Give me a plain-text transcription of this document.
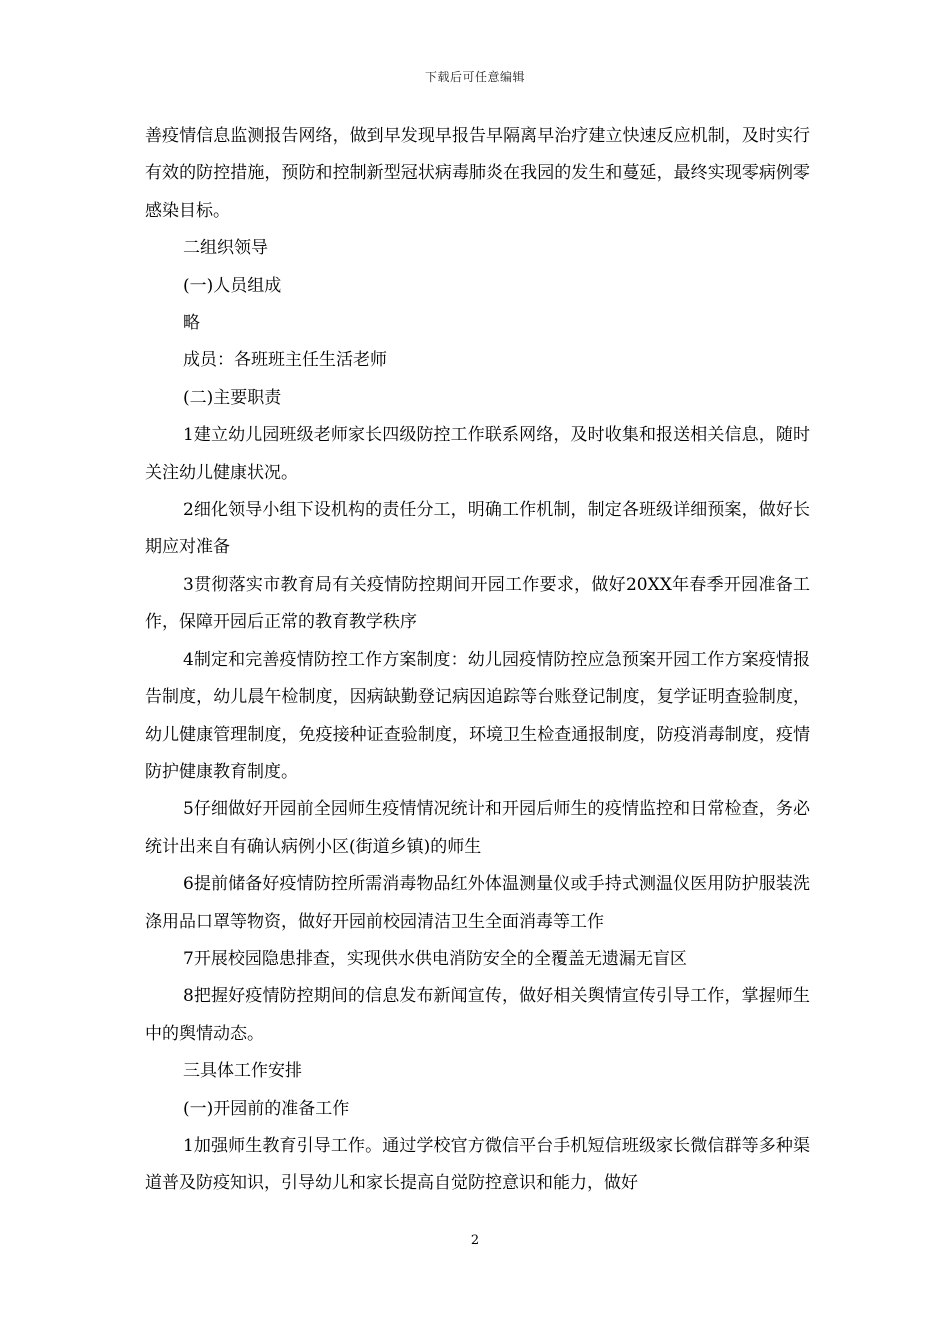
下载后可任意编辑

善疫情信息监测报告网络，做到早发现早报告早隔离早治疗建立快速反应机制，及时实行有效的防控措施，预防和控制新型冠状病毒肺炎在我园的发生和蔓延，最终实现零病例零感染目标。

二组织领导

(一)人员组成

略

成员：各班班主任生活老师

(二)主要职责

1建立幼儿园班级老师家长四级防控工作联系网络，及时收集和报送相关信息，随时关注幼儿健康状况。

2细化领导小组下设机构的责任分工，明确工作机制，制定各班级详细预案，做好长期应对准备

3贯彻落实市教育局有关疫情防控期间开园工作要求，做好20XX年春季开园准备工作，保障开园后正常的教育教学秩序

4制定和完善疫情防控工作方案制度：幼儿园疫情防控应急预案开园工作方案疫情报告制度，幼儿晨午检制度，因病缺勤登记病因追踪等台账登记制度，复学证明查验制度，幼儿健康管理制度，免疫接种证查验制度，环境卫生检查通报制度，防疫消毒制度，疫情防护健康教育制度。

5仔细做好开园前全园师生疫情情况统计和开园后师生的疫情监控和日常检查，务必统计出来自有确认病例小区(街道乡镇)的师生

6提前储备好疫情防控所需消毒物品红外体温测量仪或手持式测温仪医用防护服装洗涤用品口罩等物资，做好开园前校园清洁卫生全面消毒等工作

7开展校园隐患排查，实现供水供电消防安全的全覆盖无遗漏无盲区

8把握好疫情防控期间的信息发布新闻宣传，做好相关舆情宣传引导工作，掌握师生中的舆情动态。

三具体工作安排

(一)开园前的准备工作

1加强师生教育引导工作。通过学校官方微信平台手机短信班级家长微信群等多种渠道普及防疫知识，引导幼儿和家长提高自觉防控意识和能力，做好

2
